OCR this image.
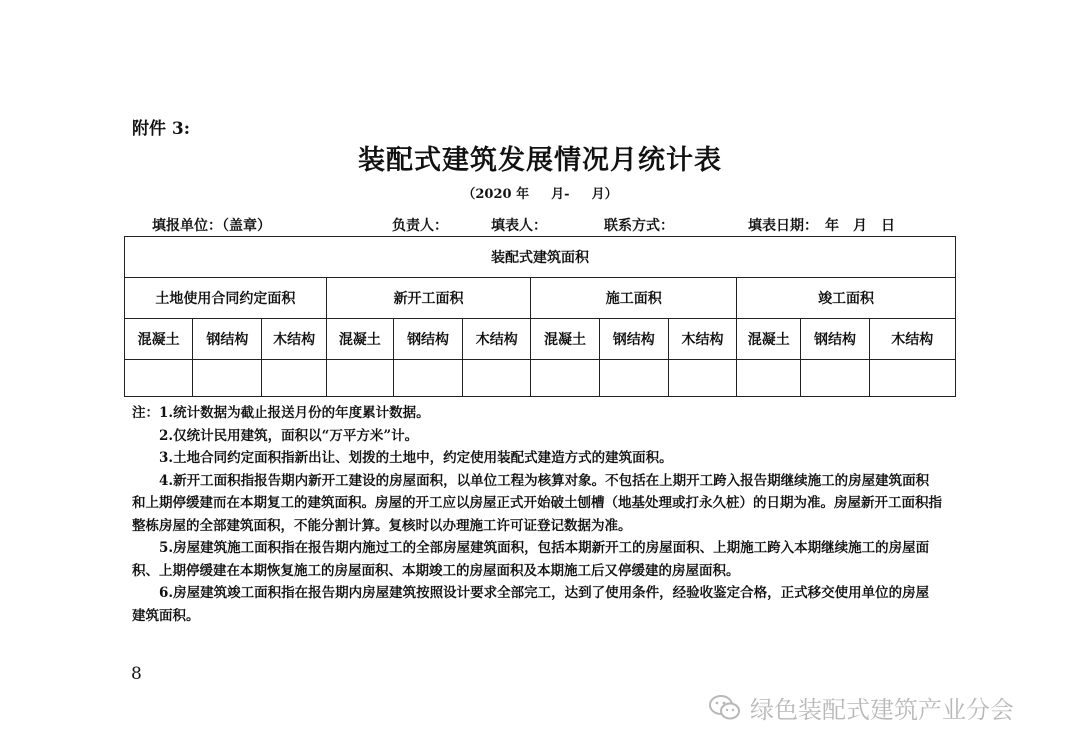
附件 3:
装配式建筑发展情况月统计表
（2020 年 　 月- 　 月）
填报单位：（盖章）	负责人：	填表人：	联系方式：	填表日期：　年　月　日
装配式建筑面积											
土地使用合同约定面积			新开工面积			施工面积			竣工面积		
混凝土	钢结构	木结构	混凝土	钢结构	木结构	混凝土	钢结构	木结构	混凝土	钢结构	木结构

注：1.统计数据为截止报送月份的年度累计数据。

2.仅统计民用建筑，面积以“万平方米”计。

3.土地合同约定面积指新出让、划拨的土地中，约定使用装配式建造方式的建筑面积。

4.新开工面积指报告期内新开工建设的房屋面积，以单位工程为核算对象。不包括在上期开工跨入报告期继续施工的房屋建筑面积和上期停缓建而在本期复工的建筑面积。房屋的开工应以房屋正式开始破土刨槽（地基处理或打永久桩）的日期为准。房屋新开工面积指整栋房屋的全部建筑面积，不能分割计算。复核时以办理施工许可证登记数据为准。

5.房屋建筑施工面积指在报告期内施过工的全部房屋建筑面积，包括本期新开工的房屋面积、上期施工跨入本期继续施工的房屋面积、上期停缓建在本期恢复施工的房屋面积、本期竣工的房屋面积及本期施工后又停缓建的房屋面积。

6.房屋建筑竣工面积指在报告期内房屋建筑按照设计要求全部完工，达到了使用条件，经验收鉴定合格，正式移交使用单位的房屋建筑面积。

8
绿色装配式建筑产业分会
